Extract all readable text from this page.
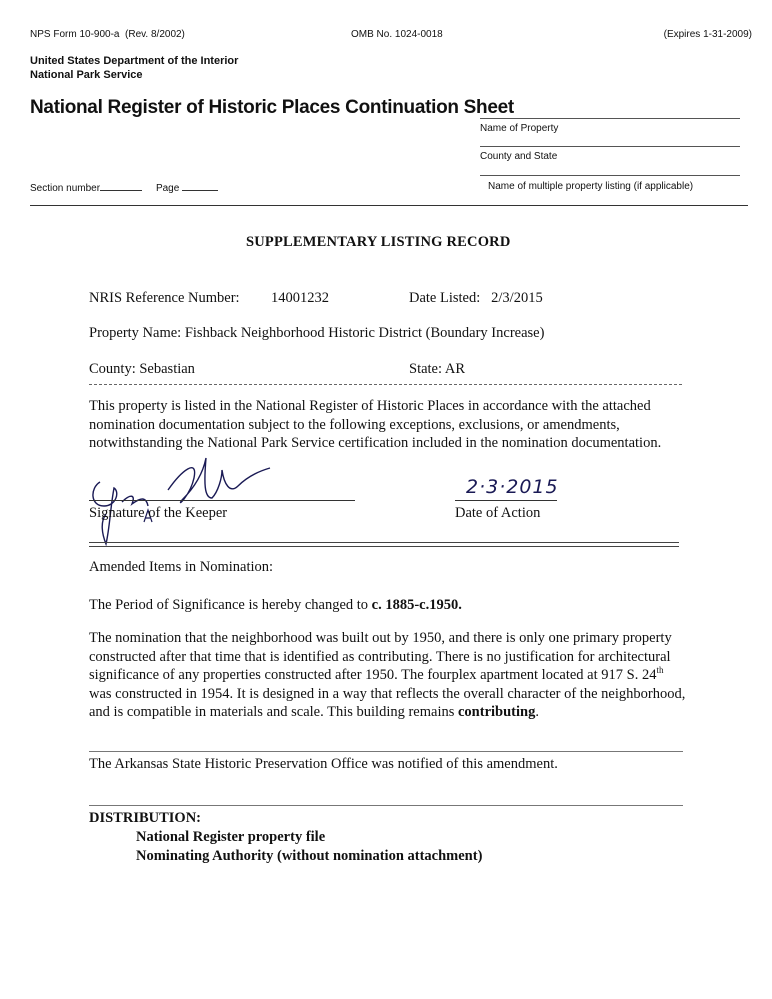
NPS Form 10-900-a (Rev. 8/2002)	OMB No. 1024-0018	(Expires 1-31-2009)
United States Department of the Interior
National Park Service
National Register of Historic Places Continuation Sheet
Name of Property
County and State
Name of multiple property listing (if applicable)
Section number	Page
SUPPLEMENTARY LISTING RECORD
NRIS Reference Number: 14001232	Date Listed: 2/3/2015
Property Name: Fishback Neighborhood Historic District (Boundary Increase)
County: Sebastian	State: AR
This property is listed in the National Register of Historic Places in accordance with the attached nomination documentation subject to the following exceptions, exclusions, or amendments, notwithstanding the National Park Service certification included in the nomination documentation.
Signature of the Keeper
2·3·2015
Date of Action
Amended Items in Nomination:
The Period of Significance is hereby changed to c. 1885-c.1950.
The nomination that the neighborhood was built out by 1950, and there is only one primary property constructed after that time that is identified as contributing. There is no justification for architectural significance of any properties constructed after 1950. The fourplex apartment located at 917 S. 24th was constructed in 1954. It is designed in a way that reflects the overall character of the neighborhood, and is compatible in materials and scale. This building remains contributing.
The Arkansas State Historic Preservation Office was notified of this amendment.
DISTRIBUTION:
National Register property file
Nominating Authority (without nomination attachment)
